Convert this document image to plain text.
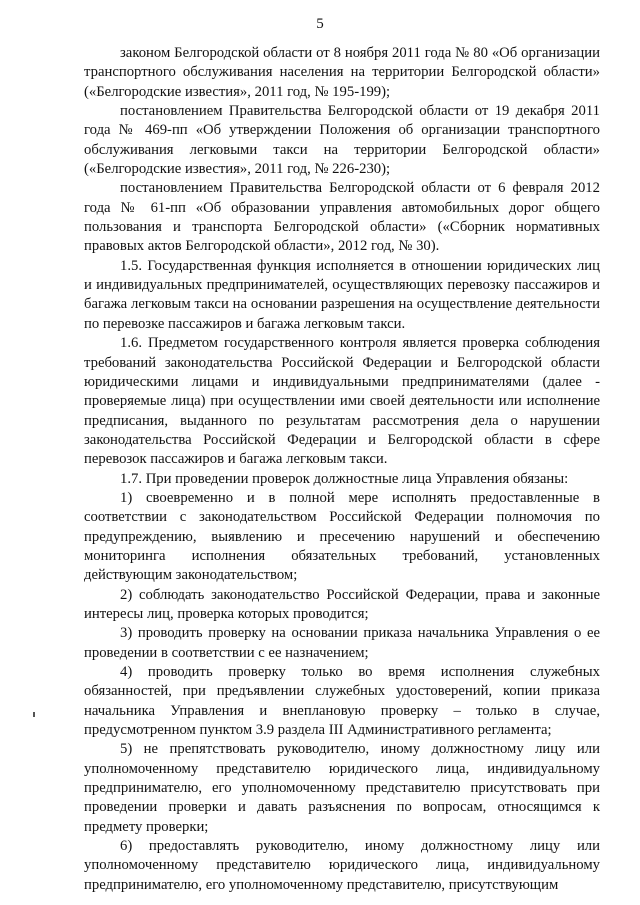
5

законом Белгородской области от 8 ноября 2011 года № 80 «Об организации транспортного обслуживания населения на территории Белгородской области» («Белгородские известия», 2011 год, № 195-199);

постановлением Правительства Белгородской области от 19 декабря 2011 года № 469-пп «Об утверждении Положения об организации транспортного обслуживания легковыми такси на территории Белгородской области» («Белгородские известия», 2011 год, № 226-230);

постановлением Правительства Белгородской области от 6 февраля 2012 года № 61-пп «Об образовании управления автомобильных дорог общего пользования и транспорта Белгородской области» («Сборник нормативных правовых актов Белгородской области», 2012 год, № 30).

1.5. Государственная функция исполняется в отношении юридических лиц и индивидуальных предпринимателей, осуществляющих перевозку пассажиров и багажа легковым такси на основании разрешения на осуществление деятельности по перевозке пассажиров и багажа легковым такси.

1.6. Предметом государственного контроля является проверка соблюдения требований законодательства Российской Федерации и Белгородской области юридическими лицами и индивидуальными предпринимателями (далее - проверяемые лица) при осуществлении ими своей деятельности или исполнение предписания, выданного по результатам рассмотрения дела о нарушении законодательства Российской Федерации и Белгородской области в сфере перевозок пассажиров и багажа легковым такси.

1.7. При проведении проверок должностные лица Управления обязаны:

1) своевременно и в полной мере исполнять предоставленные в соответствии с законодательством Российской Федерации полномочия по предупреждению, выявлению и пресечению нарушений и обеспечению мониторинга исполнения обязательных требований, установленных действующим законодательством;

2) соблюдать законодательство Российской Федерации, права и законные интересы лиц, проверка которых проводится;

3) проводить проверку на основании приказа начальника Управления о ее проведении в соответствии с ее назначением;

4) проводить проверку только во время исполнения служебных обязанностей, при предъявлении служебных удостоверений, копии приказа начальника Управления и внеплановую проверку – только в случае, предусмотренном пунктом 3.9 раздела III Административного регламента;

5) не препятствовать руководителю, иному должностному лицу или уполномоченному представителю юридического лица, индивидуальному предпринимателю, его уполномоченному представителю присутствовать при проведении проверки и давать разъяснения по вопросам, относящимся к предмету проверки;

6) предоставлять руководителю, иному должностному лицу или уполномоченному представителю юридического лица, индивидуальному предпринимателю, его уполномоченному представителю, присутствующим
